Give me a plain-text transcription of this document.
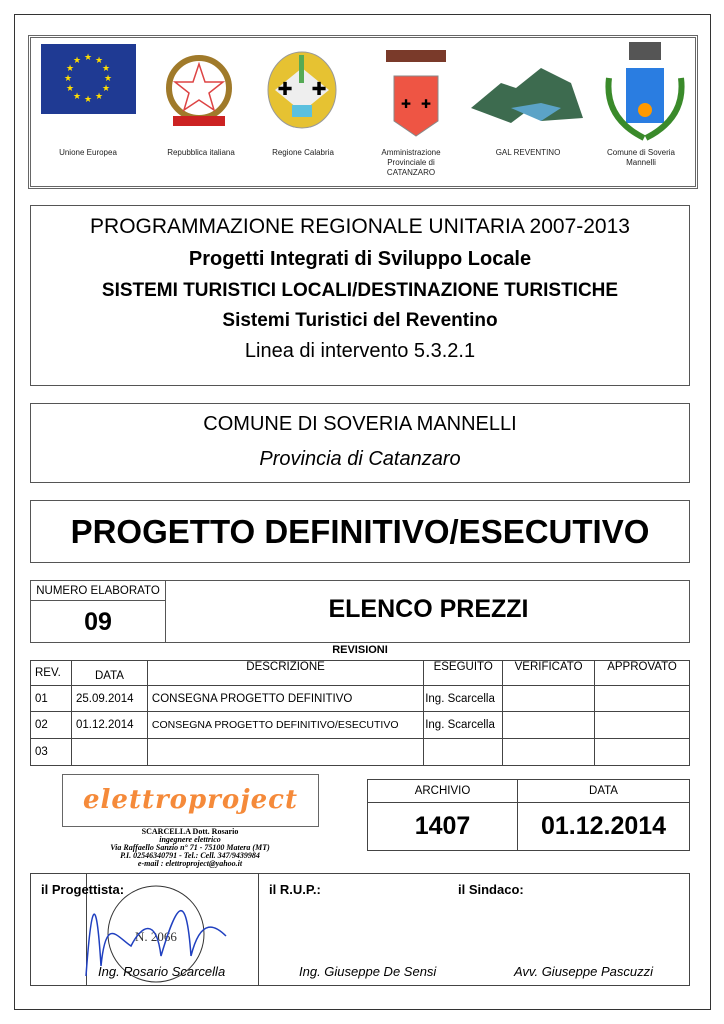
★ ★
★
★
★
★
★
★
★
★
★
★
✚ ✚
✚ ✚
Unione Europea	Repubblica italiana	Regione Calabria	Amministrazione Provinciale di CATANZARO
GAL REVENTINO	Comune di Soveria Mannelli
PROGRAMMAZIONE REGIONALE UNITARIA 2007-2013
Progetti Integrati di Sviluppo Locale
SISTEMI TURISTICI LOCALI/DESTINAZIONE TURISTICHE
Sistemi Turistici del Reventino
Linea di intervento 5.3.2.1
COMUNE DI SOVERIA MANNELLI
Provincia di Catanzaro
PROGETTO DEFINITIVO/ESECUTIVO
NUMERO ELABORATO
09	ELENCO PREZZI
REVISIONI
REV.	DATA	DESCRIZIONE	ESEGUITO	VERIFICATO	APPROVATO
01	25.09.2014	CONSEGNA PROGETTO DEFINITIVO	Ing. Scarcella		
02	01.12.2014	CONSEGNA PROGETTO DEFINITIVO/ESECUTIVO	Ing. Scarcella		
03					
elettroproject
SCARCELLA Dott. Rosario
ingegnere elettrico
Via Raffaello Sanzio n° 71 - 75100 Matera (MT)
P.I. 02546340791 - Tel.: Cell. 347/9439984
e-mail : elettroproject@yahoo.it
ARCHIVIO	DATA
1407	01.12.2014
N. 2066
il Progettista:
Ing. Rosario Scarcella
il R.U.P.:
Ing. Giuseppe De Sensi
il Sindaco:
Avv. Giuseppe Pascuzzi
